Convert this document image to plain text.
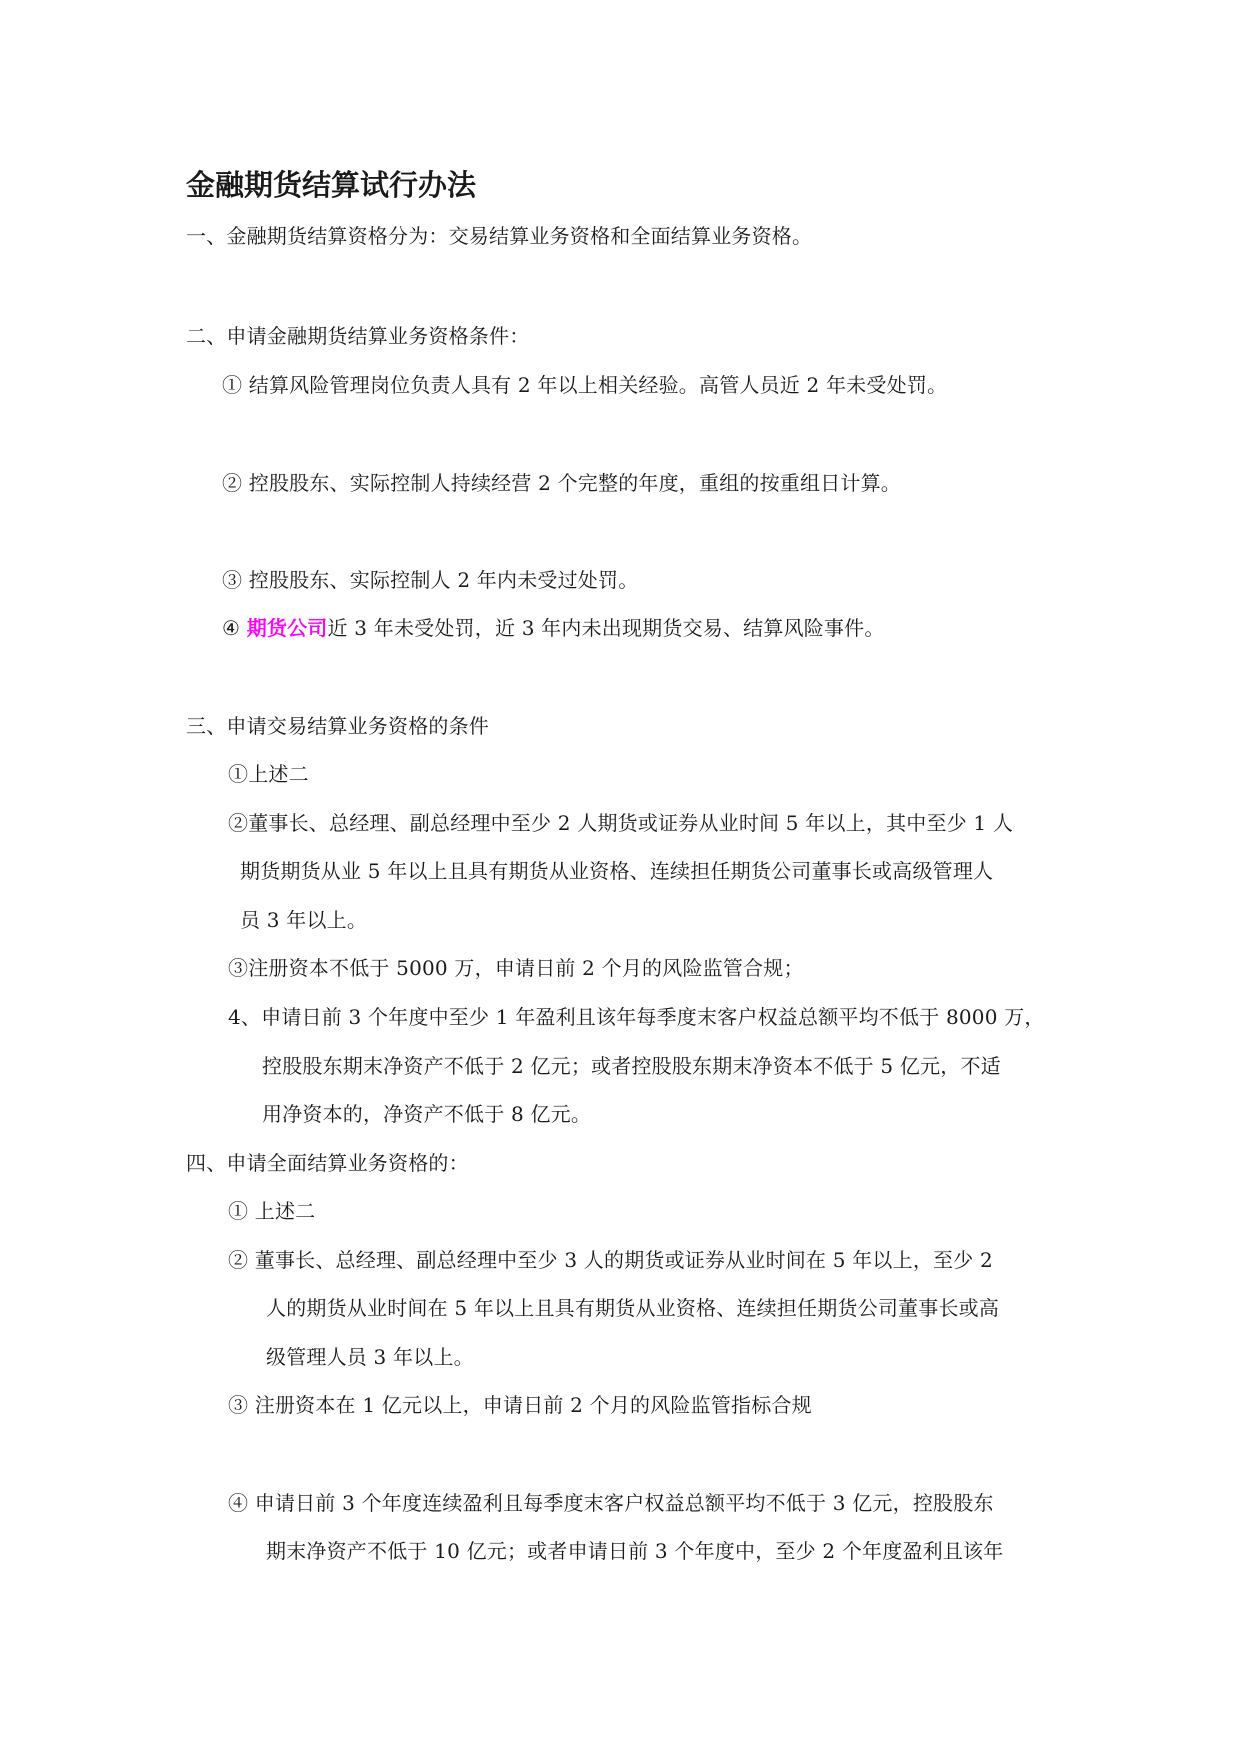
金融期货结算试行办法
一、金融期货结算资格分为：交易结算业务资格和全面结算业务资格。
二、申请金融期货结算业务资格条件：
① 结算风险管理岗位负责人具有 2 年以上相关经验。高管人员近 2 年未受处罚。
② 控股股东、实际控制人持续经营 2 个完整的年度，重组的按重组日计算。
③ 控股股东、实际控制人 2 年内未受过处罚。
④ 期货公司近 3 年未受处罚，近 3 年内未出现期货交易、结算风险事件。
三、申请交易结算业务资格的条件
①上述二
②董事长、总经理、副总经理中至少 2 人期货或证券从业时间 5 年以上，其中至少 1 人
期货期货从业 5 年以上且具有期货从业资格、连续担任期货公司董事长或高级管理人
员 3 年以上。
③注册资本不低于 5000 万，申请日前 2 个月的风险监管合规；
4、申请日前 3 个年度中至少 1 年盈利且该年每季度末客户权益总额平均不低于 8000 万，
控股股东期末净资产不低于 2 亿元；或者控股股东期末净资本不低于 5 亿元，不适
用净资本的，净资产不低于 8 亿元。
四、申请全面结算业务资格的：
① 上述二
② 董事长、总经理、副总经理中至少 3 人的期货或证券从业时间在 5 年以上，至少 2
人的期货从业时间在 5 年以上且具有期货从业资格、连续担任期货公司董事长或高
级管理人员 3 年以上。
③ 注册资本在 1 亿元以上，申请日前 2 个月的风险监管指标合规
④ 申请日前 3 个年度连续盈利且每季度末客户权益总额平均不低于 3 亿元，控股股东
期末净资产不低于 10 亿元；或者申请日前 3 个年度中，至少 2 个年度盈利且该年
